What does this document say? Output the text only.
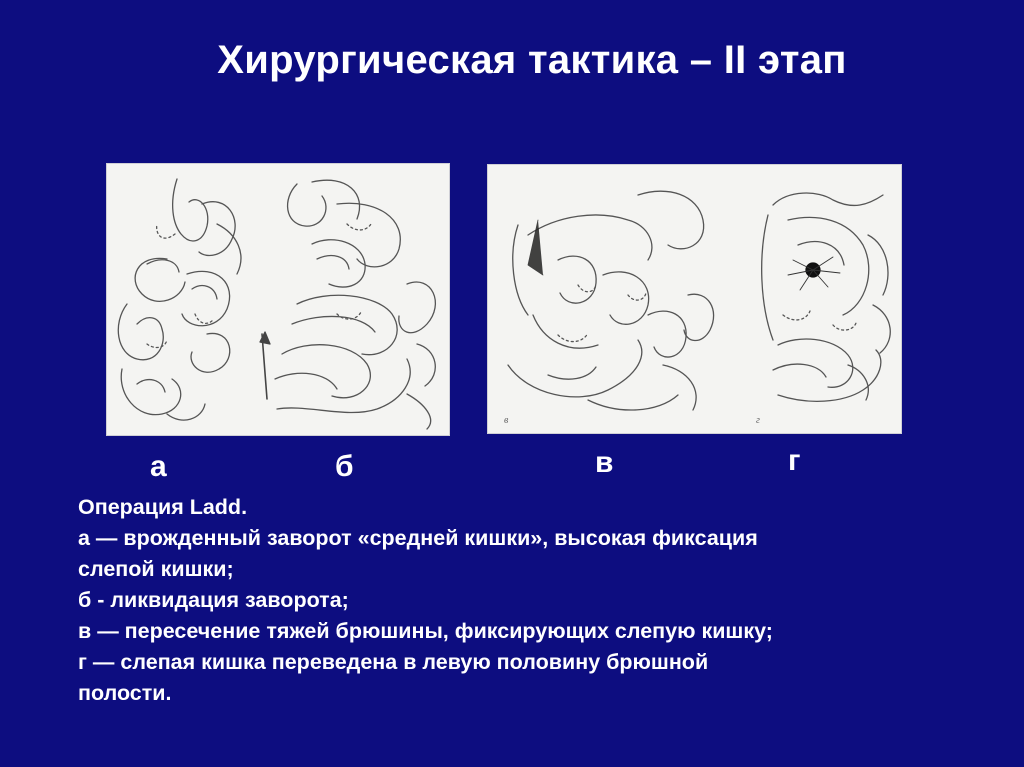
Хирургическая тактика – II этап
в	г
а	б	в	г
Операция Ladd.
а — врожденный заворот «средней кишки», высокая фиксация
слепой кишки;
б - ликвидация заворота;
в — пересечение тяжей брюшины, фиксирующих слепую кишку;
г — слепая кишка переведена в левую половину брюшной
полости.
